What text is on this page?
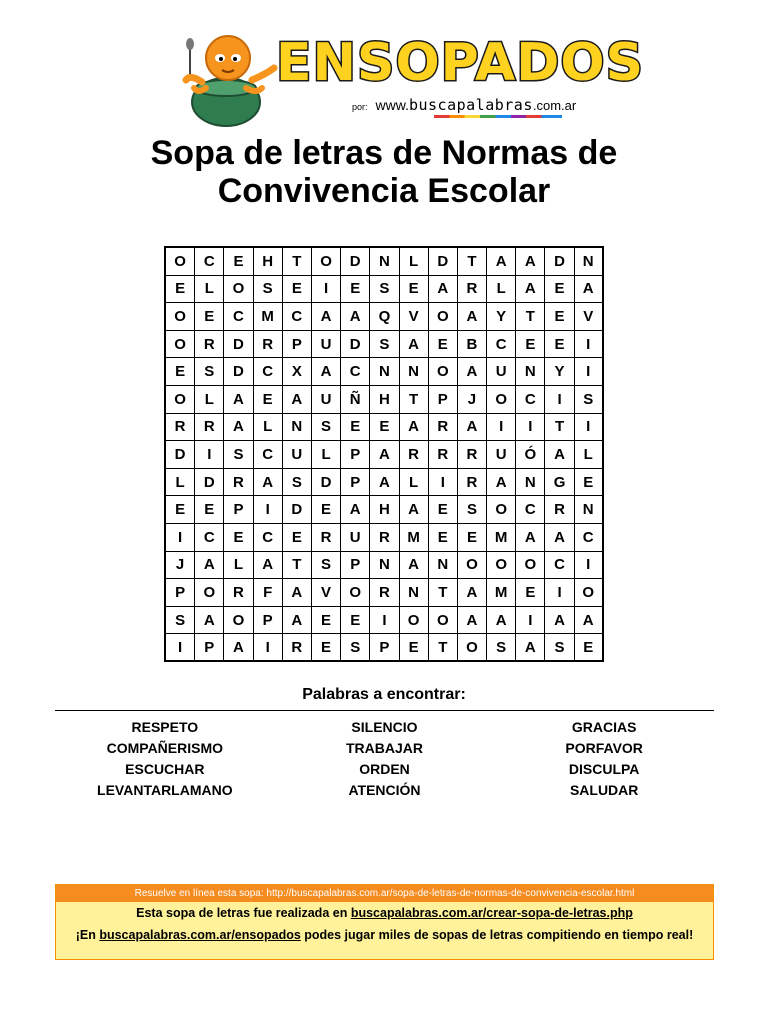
ENSOPADOS
por: www.buscapalabras.com.ar
Sopa de letras de Normas de
Convivencia Escolar
O	C	E	H	T	O	D	N	L	D	T	A	A	D	N
E	L	O	S	E	I	E	S	E	A	R	L	A	E	A
O	E	C	M	C	A	A	Q	V	O	A	Y	T	E	V
O	R	D	R	P	U	D	S	A	E	B	C	E	E	I
E	S	D	C	X	A	C	N	N	O	A	U	N	Y	I
O	L	A	E	A	U	Ñ	H	T	P	J	O	C	I	S
R	R	A	L	N	S	E	E	A	R	A	I	I	T	I
D	I	S	C	U	L	P	A	R	R	R	U	Ó	A	L
L	D	R	A	S	D	P	A	L	I	R	A	N	G	E
E	E	P	I	D	E	A	H	A	E	S	O	C	R	N
I	C	E	C	E	R	U	R	M	E	E	M	A	A	C
J	A	L	A	T	S	P	N	A	N	O	O	O	C	I
P	O	R	F	A	V	O	R	N	T	A	M	E	I	O
S	A	O	P	A	E	E	I	O	O	A	A	I	A	A
I	P	A	I	R	E	S	P	E	T	O	S	A	S	E
Palabras a encontrar:
RESPETO	SILENCIO	GRACIAS
COMPAÑERISMO	TRABAJAR	PORFAVOR
ESCUCHAR	ORDEN	DISCULPA
LEVANTARLAMANO	ATENCIÓN	SALUDAR
Resuelve en línea esta sopa: http://buscapalabras.com.ar/sopa-de-letras-de-normas-de-convivencia-escolar.html
Esta sopa de letras fue realizada en buscapalabras.com.ar/crear-sopa-de-letras.php
¡En buscapalabras.com.ar/ensopados podes jugar miles de sopas de letras compitiendo en tiempo real!
